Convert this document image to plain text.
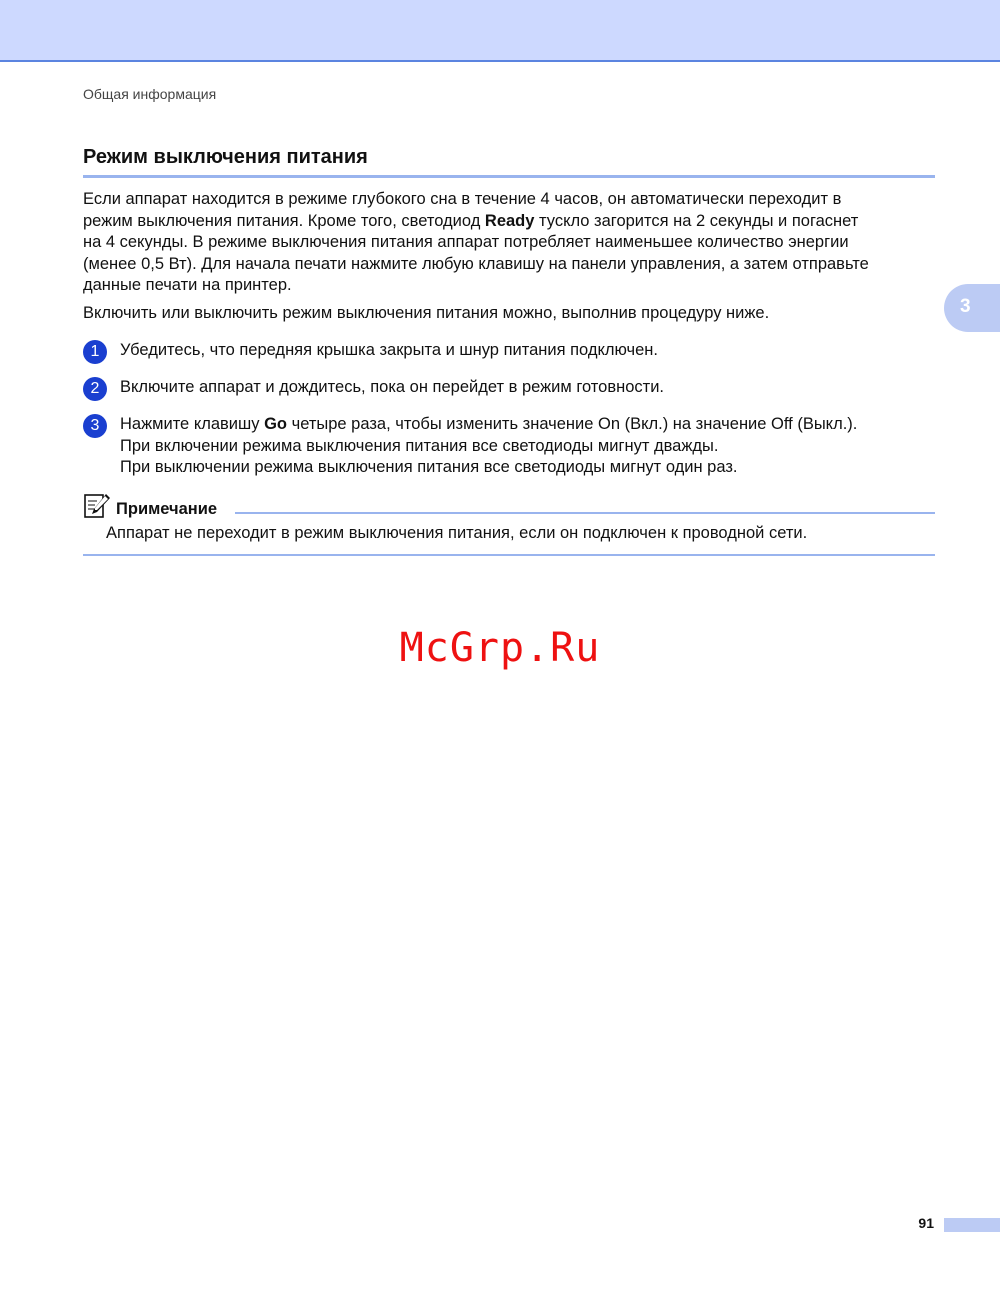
Общая информация
Режим выключения питания

Если аппарат находится в режиме глубокого сна в течение 4 часов, он автоматически переходит в
режим выключения питания. Кроме того, светодиод Ready тускло загорится на 2 секунды и погаснет
на 4 секунды. В режиме выключения питания аппарат потребляет наименьшее количество энергии
(менее 0,5 Вт). Для начала печати нажмите любую клавишу на панели управления, а затем отправьте
данные печати на принтер.

Включить или выключить режим выключения питания можно, выполнив процедуру ниже.

1	Убедитесь, что передняя крышка закрыта и шнур питания подключен.
2	Включите аппарат и дождитесь, пока он перейдет в режим готовности.
3	Нажмите клавишу Go четыре раза, чтобы изменить значение On (Вкл.) на значение Off (Выкл.).
При включении режима выключения питания все светодиоды мигнут дважды.
При выключении режима выключения питания все светодиоды мигнут один раз.
Примечание
Аппарат не переходит в режим выключения питания, если он подключен к проводной сети.
McGrp.Ru
3
91
